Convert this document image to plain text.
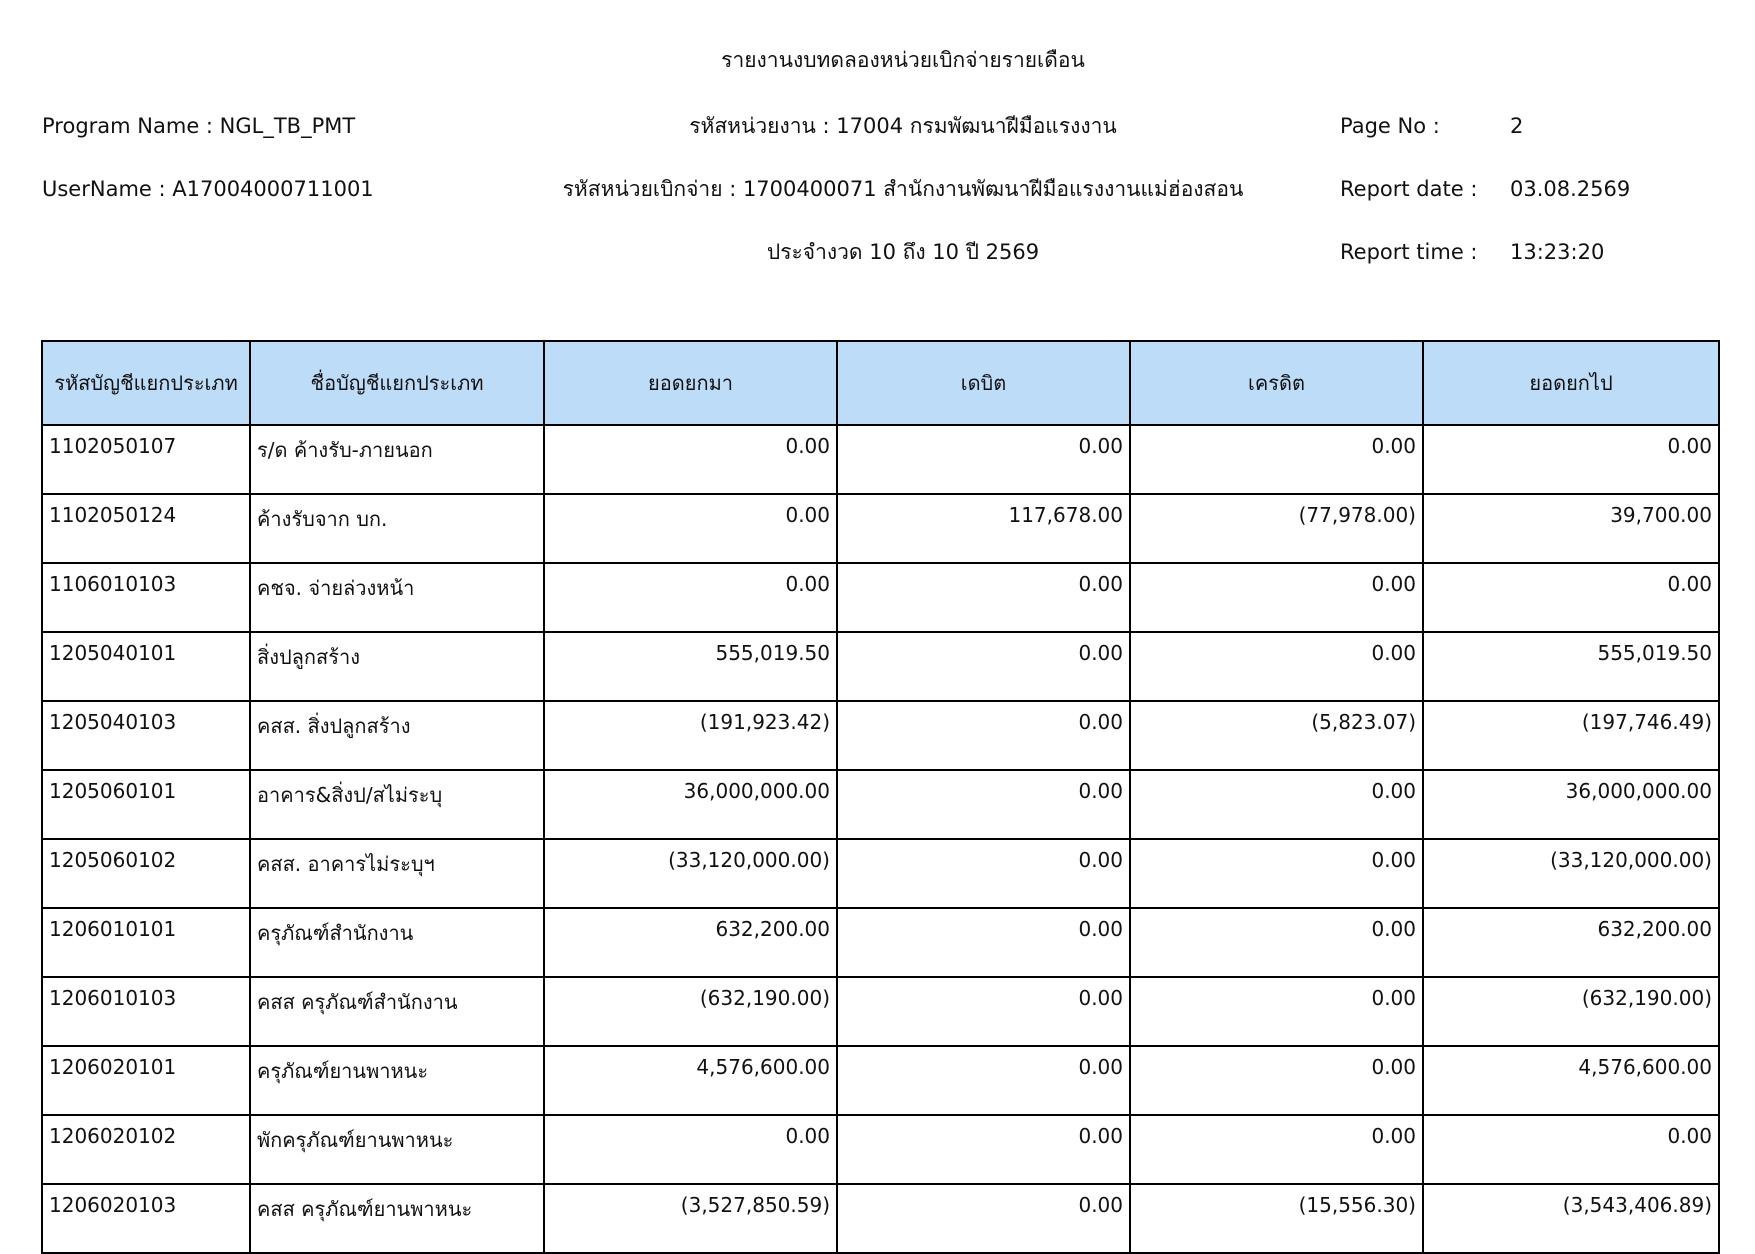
รายงานงบทดลองหน่วยเบิกจ่ายรายเดือน
รหัสหน่วยงาน : 17004 กรมพัฒนาฝีมือแรงงาน
รหัสหน่วยเบิกจ่าย : 1700400071 สำนักงานพัฒนาฝีมือแรงงานแม่ฮ่องสอน
ประจำงวด 10 ถึง 10 ปี 2569
Program Name : NGL_TB_PMT
UserName : A17004000711001
Page No :	2
Report date : 03.08.2569
Report time : 13:23:20
รหัสบัญชีแยกประเภท	ชื่อบัญชีแยกประเภท	ยอดยกมา	เดบิต	เครดิต	ยอดยกไป
1102050107	ร/ด ค้างรับ-ภายนอก	0.00	0.00	0.00	0.00
1102050124	ค้างรับจาก บก.	0.00	117,678.00	(77,978.00)	39,700.00
1106010103	คชจ. จ่ายล่วงหน้า	0.00	0.00	0.00	0.00
1205040101	สิ่งปลูกสร้าง	555,019.50	0.00	0.00	555,019.50
1205040103	คสส. สิ่งปลูกสร้าง	(191,923.42)	0.00	(5,823.07)	(197,746.49)
1205060101	อาคาร&สิ่งป/สไม่ระบุ	36,000,000.00	0.00	0.00	36,000,000.00
1205060102	คสส. อาคารไม่ระบุฯ	(33,120,000.00)	0.00	0.00	(33,120,000.00)
1206010101	ครุภัณฑ์สำนักงาน	632,200.00	0.00	0.00	632,200.00
1206010103	คสส ครุภัณฑ์สำนักงาน	(632,190.00)	0.00	0.00	(632,190.00)
1206020101	ครุภัณฑ์ยานพาหนะ	4,576,600.00	0.00	0.00	4,576,600.00
1206020102	พักครุภัณฑ์ยานพาหนะ	0.00	0.00	0.00	0.00
1206020103	คสส ครุภัณฑ์ยานพาหนะ	(3,527,850.59)	0.00	(15,556.30)	(3,543,406.89)
